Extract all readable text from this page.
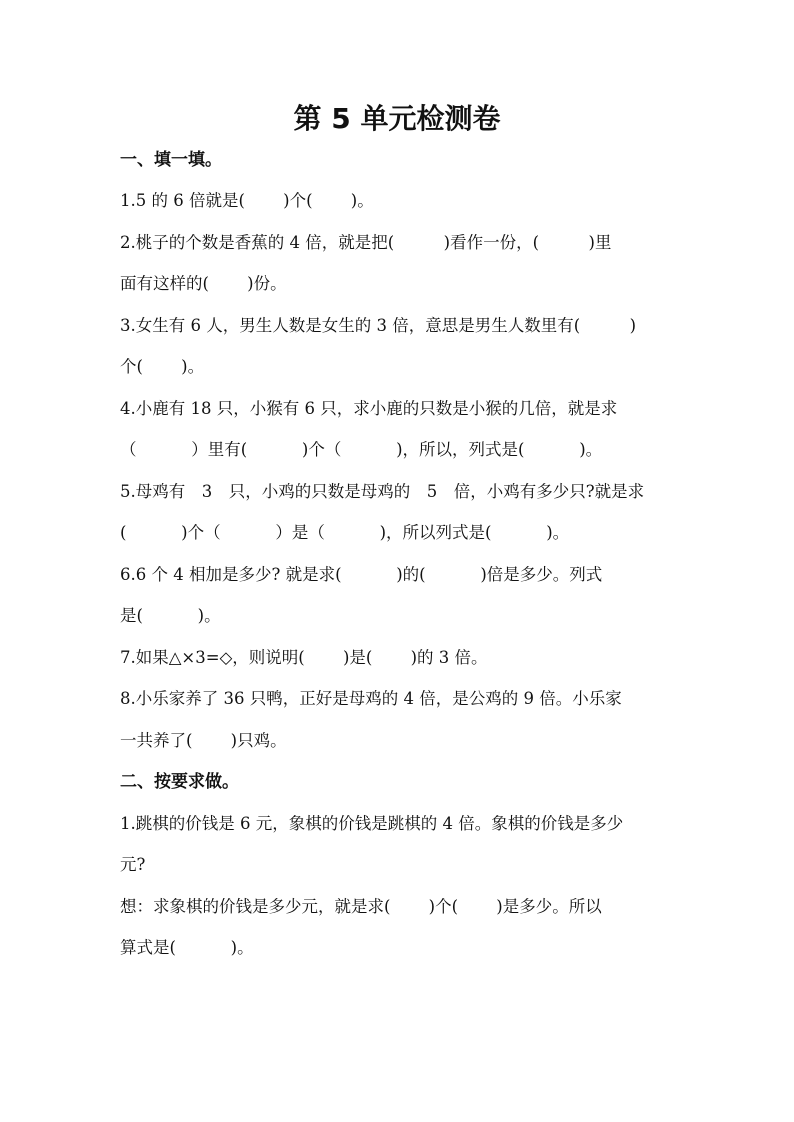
第 5 单元检测卷
一、填一填。
1.5 的 6 倍就是(　　 )个(　　 )。
2.桃子的个数是香蕉的 4 倍，就是把(　　　)看作一份，(　　　)里
面有这样的(　　 )份。
3.女生有 6 人，男生人数是女生的 3 倍，意思是男生人数里有(　　　)
个(　　 )。
4.小鹿有 18 只，小猴有 6 只，求小鹿的只数是小猴的几倍，就是求
（　　　 ）里有(　　　 )个（　　　 )，所以，列式是(　　　 )。
5.母鸡有　3　只，小鸡的只数是母鸡的　5　倍，小鸡有多少只?就是求
(　　　 )个（　　　 ）是（　　　 )，所以列式是(　　　 )。
6.6 个 4 相加是多少? 就是求(　　　 )的(　　　 )倍是多少。列式
是(　　　 )。
7.如果△×3=◇，则说明(　　 )是(　　 )的 3 倍。
8.小乐家养了 36 只鸭，正好是母鸡的 4 倍，是公鸡的 9 倍。小乐家
一共养了(　　 )只鸡。
二、按要求做。
1.跳棋的价钱是 6 元，象棋的价钱是跳棋的 4 倍。象棋的价钱是多少
元?
想：求象棋的价钱是多少元，就是求(　　 )个(　　 )是多少。所以
算式是(　　　 )。
